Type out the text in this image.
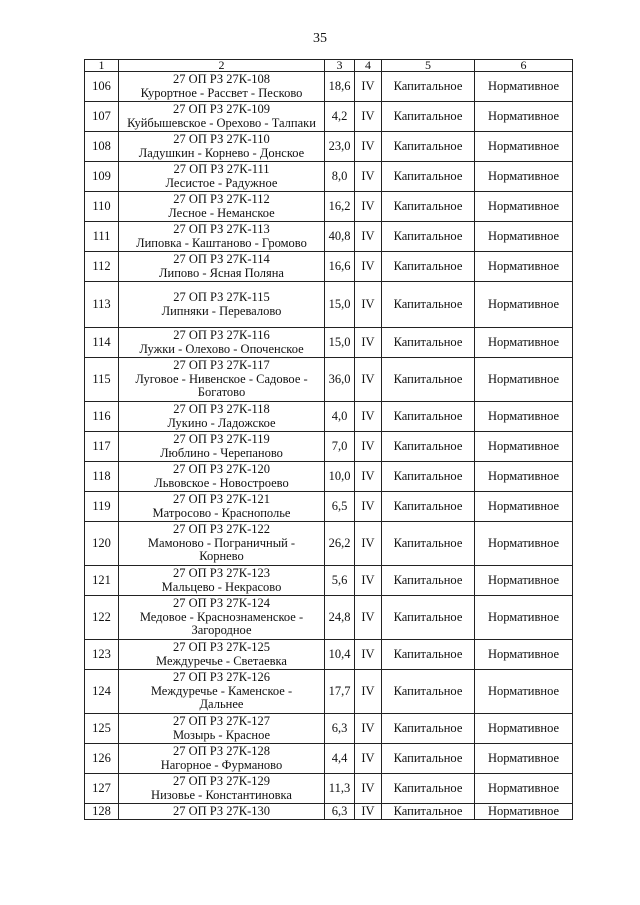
35
1	2	3	4	5	6
106	27 ОП РЗ 27К-108
Курортное - Рассвет - Песково	18,6	IV	Капитальное	Нормативное
107	27 ОП РЗ 27К-109
Куйбышевское - Орехово - Талпаки	4,2	IV	Капитальное	Нормативное
108	27 ОП РЗ 27К-110
Ладушкин - Корнево - Донское	23,0	IV	Капитальное	Нормативное
109	27 ОП РЗ 27К-111
Лесистое - Радужное	8,0	IV	Капитальное	Нормативное
110	27 ОП РЗ 27К-112
Лесное - Неманское	16,2	IV	Капитальное	Нормативное
111	27 ОП РЗ 27К-113
Липовка - Каштаново - Громово	40,8	IV	Капитальное	Нормативное
112	27 ОП РЗ 27К-114
Липово - Ясная Поляна	16,6	IV	Капитальное	Нормативное
113	27 ОП РЗ 27К-115
Липняки - Перевалово	15,0	IV	Капитальное	Нормативное
114	27 ОП РЗ 27К-116
Лужки - Олехово - Опоченское	15,0	IV	Капитальное	Нормативное
115	27 ОП РЗ 27К-117
Луговое - Нивенское - Садовое -
Богатово	36,0	IV	Капитальное	Нормативное
116	27 ОП РЗ 27К-118
Лукино - Ладожское	4,0	IV	Капитальное	Нормативное
117	27 ОП РЗ 27К-119
Люблино - Черепаново	7,0	IV	Капитальное	Нормативное
118	27 ОП РЗ 27К-120
Львовское - Новостроево	10,0	IV	Капитальное	Нормативное
119	27 ОП РЗ 27К-121
Матросово - Краснополье	6,5	IV	Капитальное	Нормативное
120	27 ОП РЗ 27К-122
Мамоново - Пограничный -
Корнево	26,2	IV	Капитальное	Нормативное
121	27 ОП РЗ 27К-123
Мальцево - Некрасово	5,6	IV	Капитальное	Нормативное
122	27 ОП РЗ 27К-124
Медовое - Краснознаменское -
Загородное	24,8	IV	Капитальное	Нормативное
123	27 ОП РЗ 27К-125
Междуречье - Светаевка	10,4	IV	Капитальное	Нормативное
124	27 ОП РЗ 27К-126
Междуречье - Каменское -
Дальнее	17,7	IV	Капитальное	Нормативное
125	27 ОП РЗ 27К-127
Мозырь - Красное	6,3	IV	Капитальное	Нормативное
126	27 ОП РЗ 27К-128
Нагорное - Фурманово	4,4	IV	Капитальное	Нормативное
127	27 ОП РЗ 27К-129
Низовье - Константиновка	11,3	IV	Капитальное	Нормативное
128	27 ОП РЗ 27К-130	6,3	IV	Капитальное	Нормативное
